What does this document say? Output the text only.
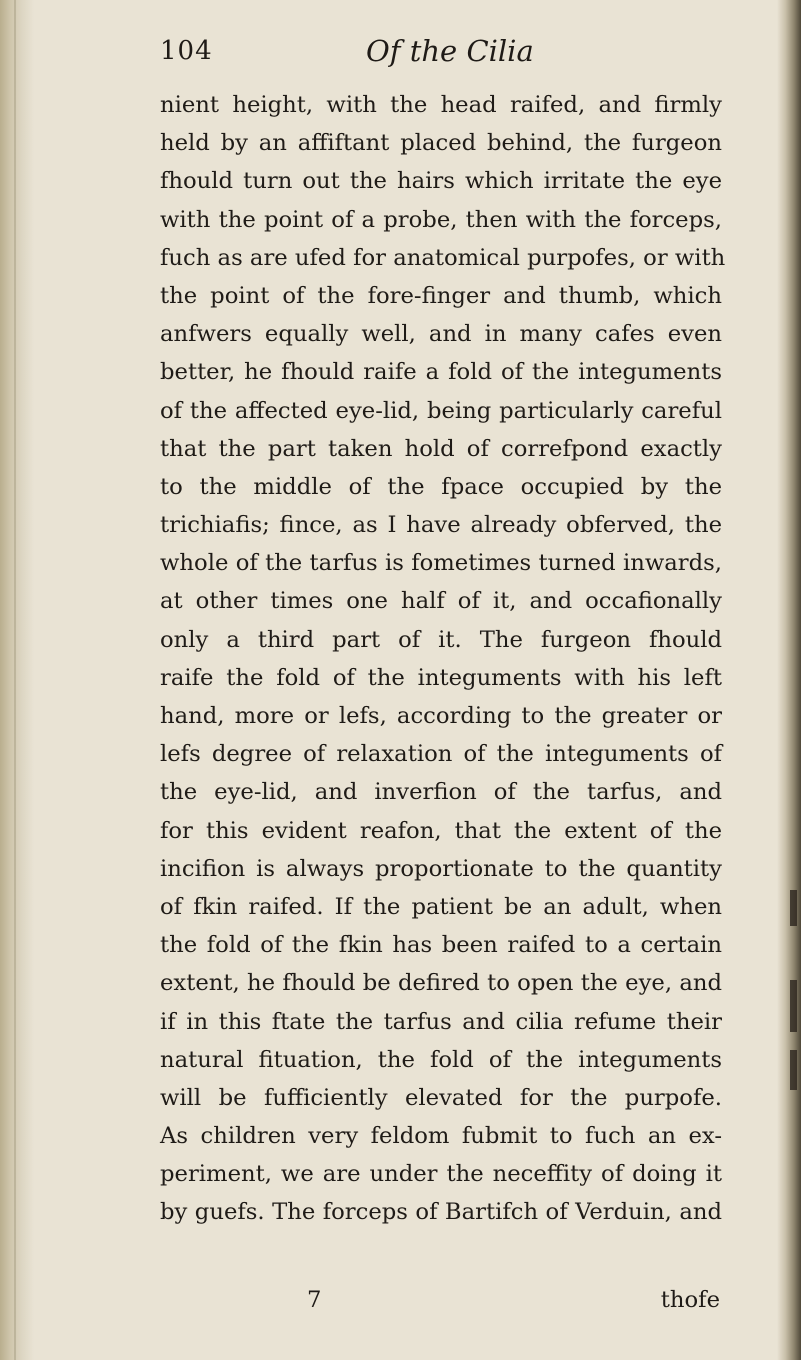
104	Of the Cilia
nient height, with the head raifed, and firmly
held by an affiftant placed behind, the furgeon
fhould turn out the hairs which irritate the eye
with the point of a probe, then with the forceps,
fuch as are ufed for anatomical purpofes, or with
the point of the fore-finger and thumb, which
anfwers equally well, and in many cafes even
better, he fhould raife a fold of the integuments
of the affected eye-lid, being particularly careful
that the part taken hold of correfpond exactly
to the middle of the fpace occupied by the
trichiafis; fince, as I have already obferved, the
whole of the tarfus is fometimes turned inwards,
at other times one half of it, and occafionally
only a third part of it. The furgeon fhould
raife the fold of the integuments with his left
hand, more or lefs, according to the greater or
lefs degree of relaxation of the integuments of
the eye-lid, and inverfion of the tarfus, and
for this evident reafon, that the extent of the
incifion is always proportionate to the quantity
of fkin raifed. If the patient be an adult, when
the fold of the fkin has been raifed to a certain
extent, he fhould be defired to open the eye, and
if in this ftate the tarfus and cilia refume their
natural fituation, the fold of the integuments
will be fufficiently elevated for the purpofe.
As children very feldom fubmit to fuch an ex-
periment, we are under the neceffity of doing it
by guefs. The forceps of Bartifch of Verduin, and
7	thofe
